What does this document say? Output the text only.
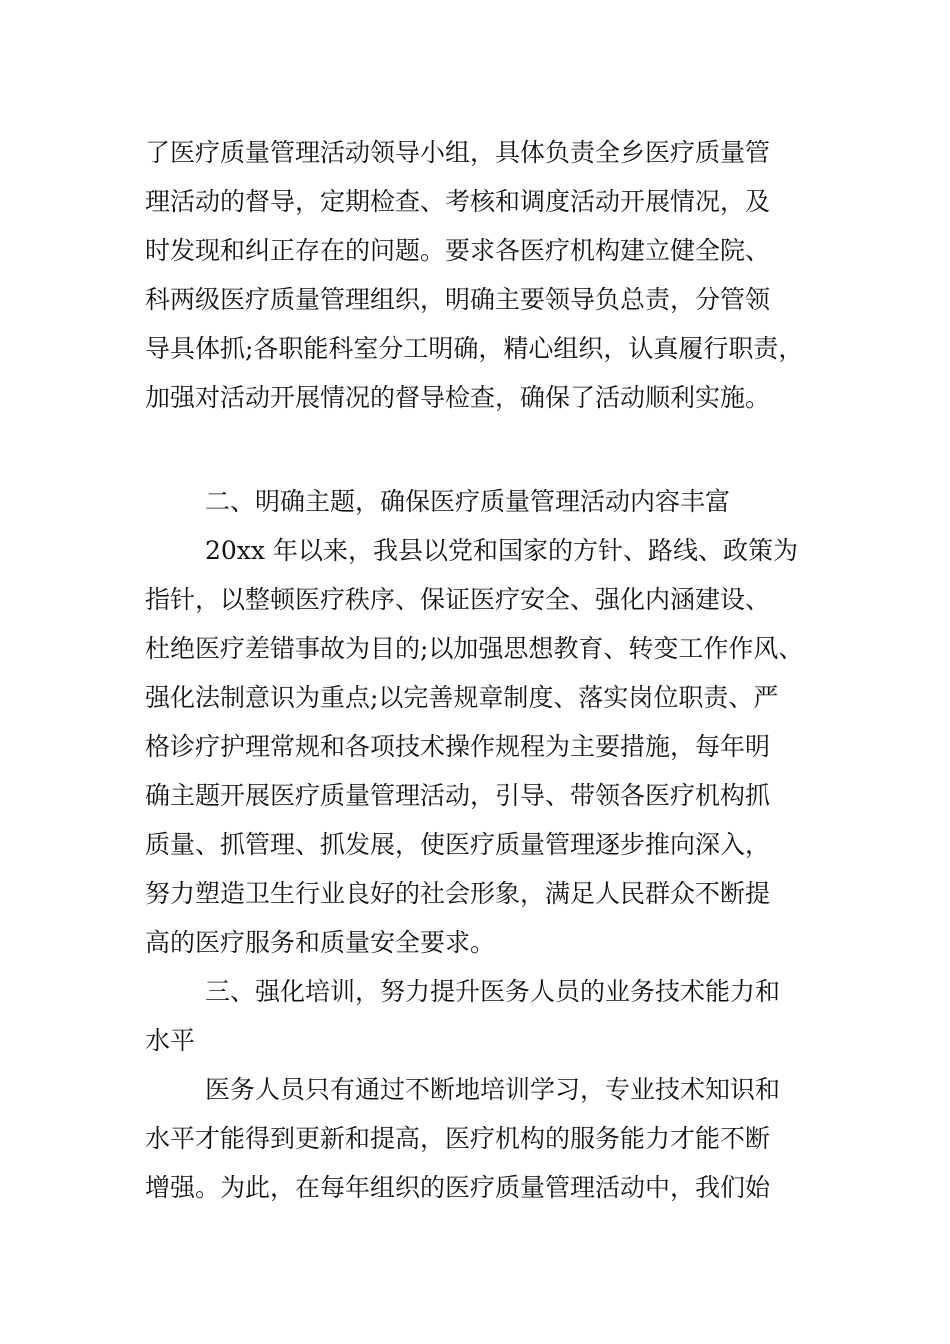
了医疗质量管理活动领导小组，具体负责全乡医疗质量管
理活动的督导，定期检查、考核和调度活动开展情况，及
时发现和纠正存在的问题。要求各医疗机构建立健全院、
科两级医疗质量管理组织，明确主要领导负总责，分管领
导具体抓;各职能科室分工明确，精心组织，认真履行职责，
加强对活动开展情况的督导检查，确保了活动顺利实施。
二、明确主题，确保医疗质量管理活动内容丰富
20xx 年以来，我县以党和国家的方针、路线、政策为
指针，以整顿医疗秩序、保证医疗安全、强化内涵建设、
杜绝医疗差错事故为目的;以加强思想教育、转变工作作风、
强化法制意识为重点;以完善规章制度、落实岗位职责、严
格诊疗护理常规和各项技术操作规程为主要措施，每年明
确主题开展医疗质量管理活动，引导、带领各医疗机构抓
质量、抓管理、抓发展，使医疗质量管理逐步推向深入，
努力塑造卫生行业良好的社会形象，满足人民群众不断提
高的医疗服务和质量安全要求。
三、强化培训，努力提升医务人员的业务技术能力和
水平
医务人员只有通过不断地培训学习，专业技术知识和
水平才能得到更新和提高，医疗机构的服务能力才能不断
增强。为此，在每年组织的医疗质量管理活动中，我们始
